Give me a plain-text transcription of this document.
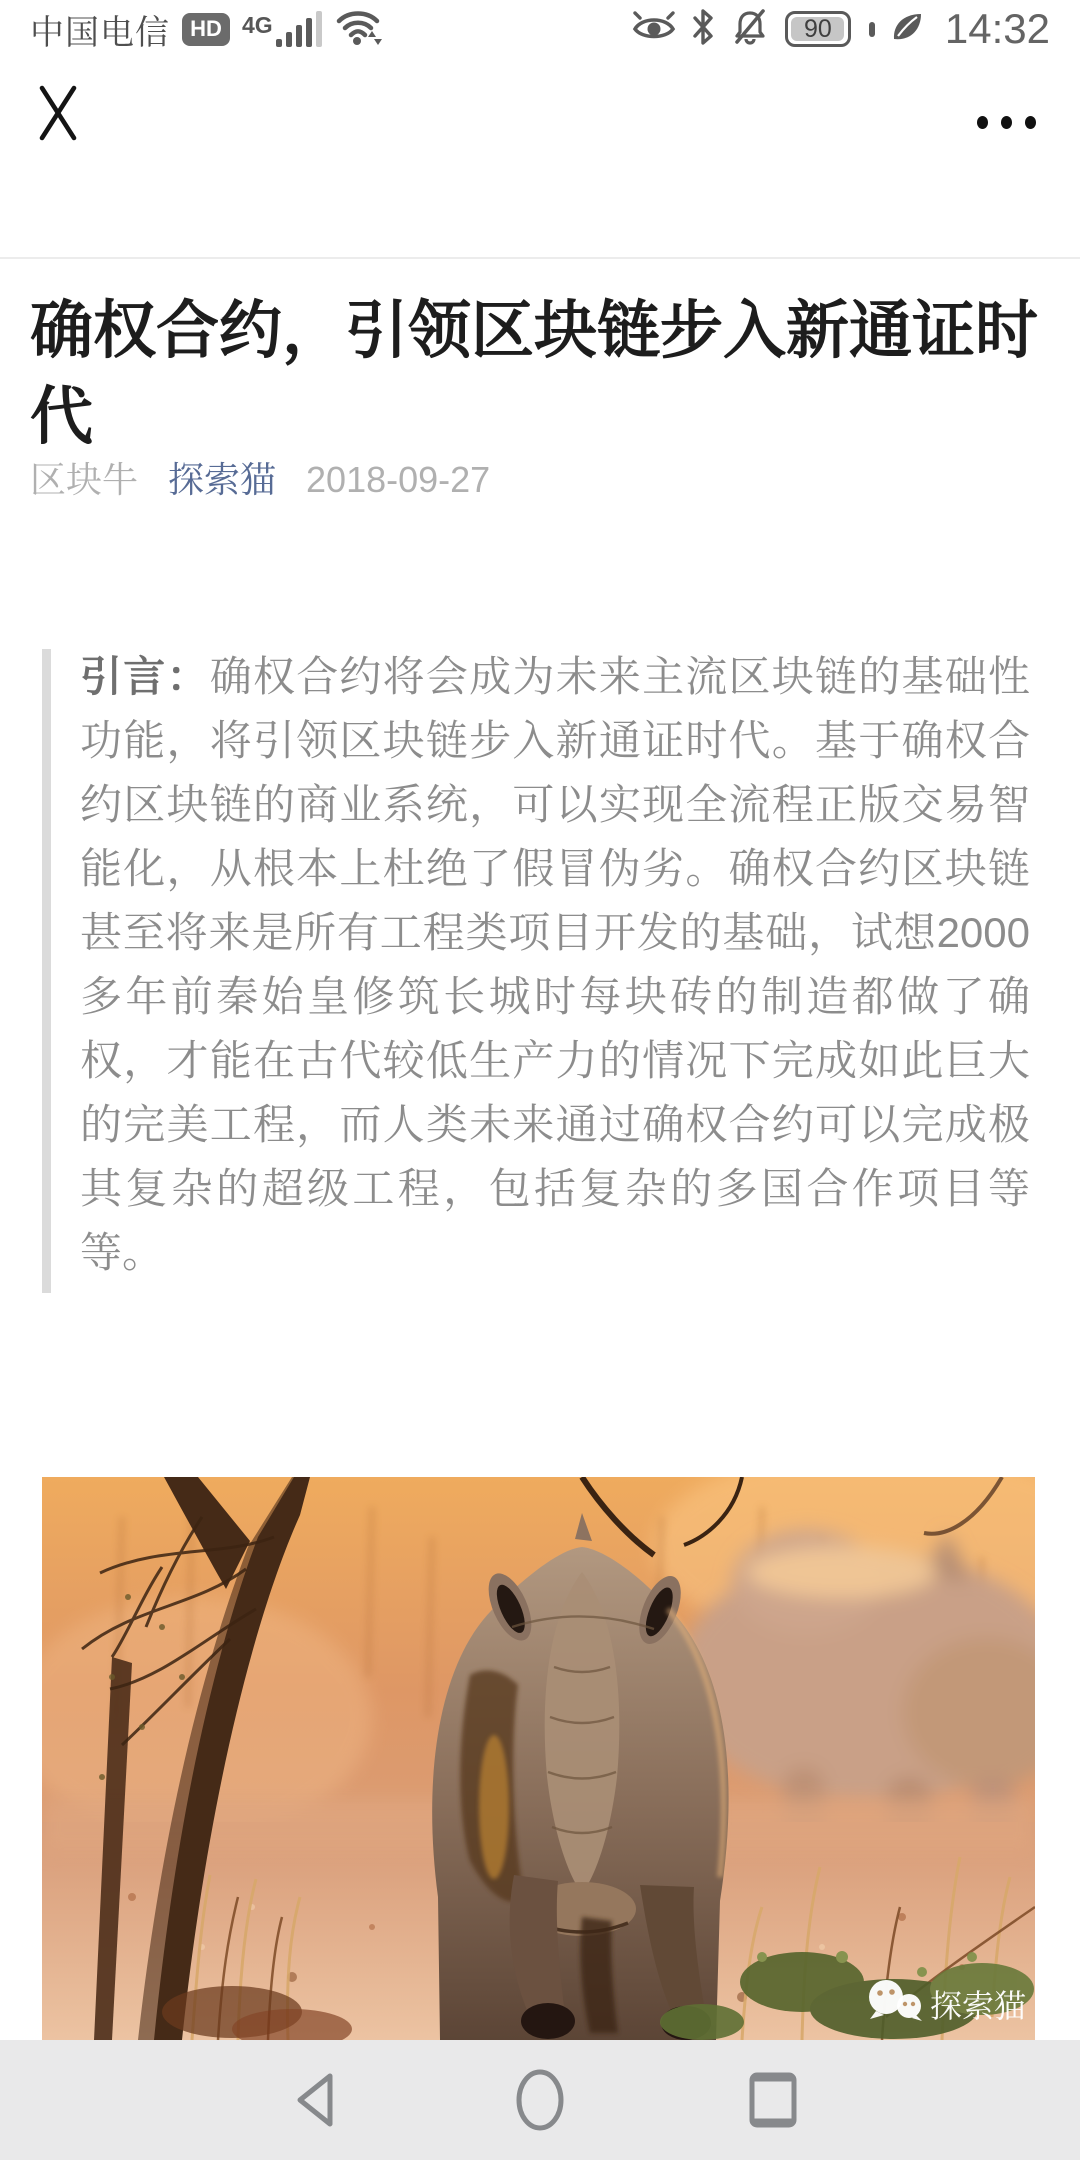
中国电信 HD 4G	90	14:32
确权合约，引领区块链步入新通证时代
区块牛 探索猫 2018-09-27

引言：确权合约将会成为未来主流区块链的基础性功能，将引领区块链步入新通证时代。基于确权合约区块链的商业系统，可以实现全流程正版交易智能化，从根本上杜绝了假冒伪劣。确权合约区块链甚至将来是所有工程类项目开发的基础，试想2000多年前秦始皇修筑长城时每块砖的制造都做了确权，才能在古代较低生产力的情况下完成如此巨大的完美工程，而人类未来通过确权合约可以完成极其复杂的超级工程，包括复杂的多国合作项目等等。

探索猫
